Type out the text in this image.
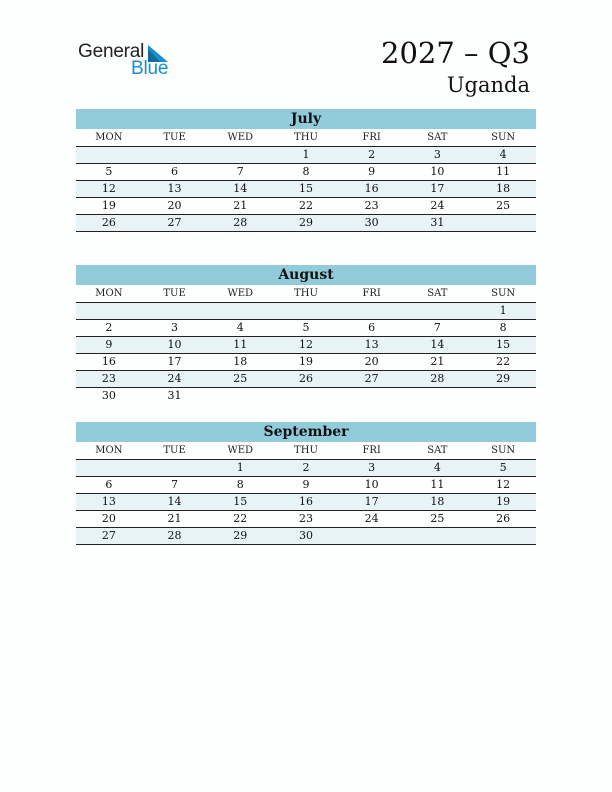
General
Blue	2027 – Q3
Uganda
July
MON	TUE	WED	THU	FRI	SAT	SUN
			1	2	3	4
5	6	7	8	9	10	11
12	13	14	15	16	17	18
19	20	21	22	23	24	25
26	27	28	29	30	31	
August
MON	TUE	WED	THU	FRI	SAT	SUN
						1
2	3	4	5	6	7	8
9	10	11	12	13	14	15
16	17	18	19	20	21	22
23	24	25	26	27	28	29
30	31					
September
MON	TUE	WED	THU	FRI	SAT	SUN
		1	2	3	4	5
6	7	8	9	10	11	12
13	14	15	16	17	18	19
20	21	22	23	24	25	26
27	28	29	30			
